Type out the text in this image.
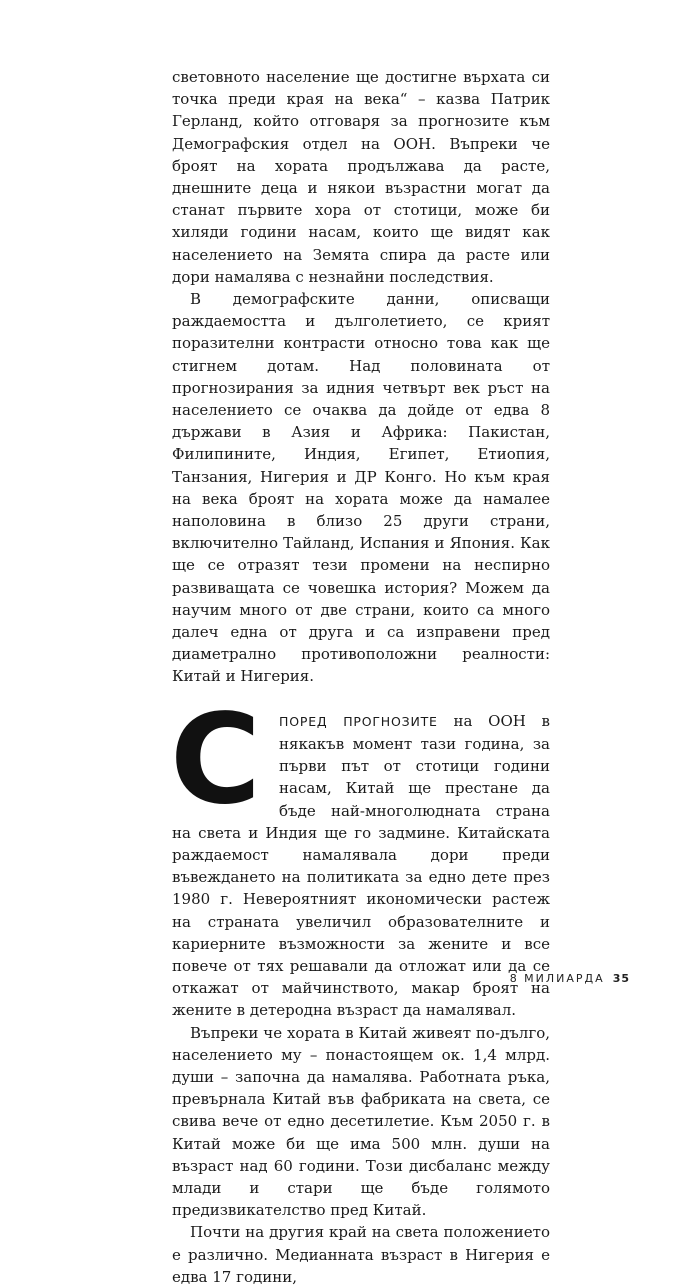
световното население ще достигне върхата си точка преди края на века“ – казва Патрик Герланд, който отговаря за прогнозите към Демографския отдел на ООН. Въпреки че броят на хората продължава да расте, днешните деца и някои възрастни могат да станат първите хора от стотици, може би хиляди години насам, които ще видят как населението на Земята спира да расте или дори намалява с незнайни последствия.

В демографските данни, описващи раждаемостта и дълголетието, се крият поразителни контрасти относно това как ще стигнем дотам. Над половината от прогнозирания за идния четвърт век ръст на населението се очаква да дойде от едва 8 държави в Азия и Африка: Пакистан, Филипините, Индия, Египет, Етиопия, Танзания, Нигерия и ДР Конго. Но към края на века броят на хората може да намалее наполовина в близо 25 други страни, включително Тайланд, Испания и Япония. Как ще се отразят тези промени на неспирно развиващата се човешка история? Можем да научим много от две страни, които са много далеч една от друга и са изправени пред диаметрално противоположни реалности: Китай и Нигерия.

С ПОРЕД ПРОГНОЗИТЕ на ООН в някакъв момент тази година, за първи път от стотици години насам, Китай ще престане да бъде най-многолюдната страна на света и Индия ще го задмине. Китайската раждаемост намалявала дори преди въвеждането на политиката за едно дете през 1980 г. Невероятният икономически растеж на страната увеличил образователните и кариерните възможности за жените и все повече от тях решавали да отложат или да се откажат от майчинството, макар броят на жените в детеродна възраст да намалявал.

Въпреки че хората в Китай живеят по-дълго, населението му – понастоящем ок. 1,4 млрд. души – започна да намалява. Работната ръка, превърнала Китай във фабриката на света, се свива вече от едно десетилетие. Към 2050 г. в Китай може би ще има 500 млн. души на възраст над 60 години. Този дисбаланс между млади и стари ще бъде голямото предизвикателство пред Китай.

Почти на другия край на света положението е различно. Медианната възраст в Нигерия е едва 17 години,

8 МИЛИАРДА 35
